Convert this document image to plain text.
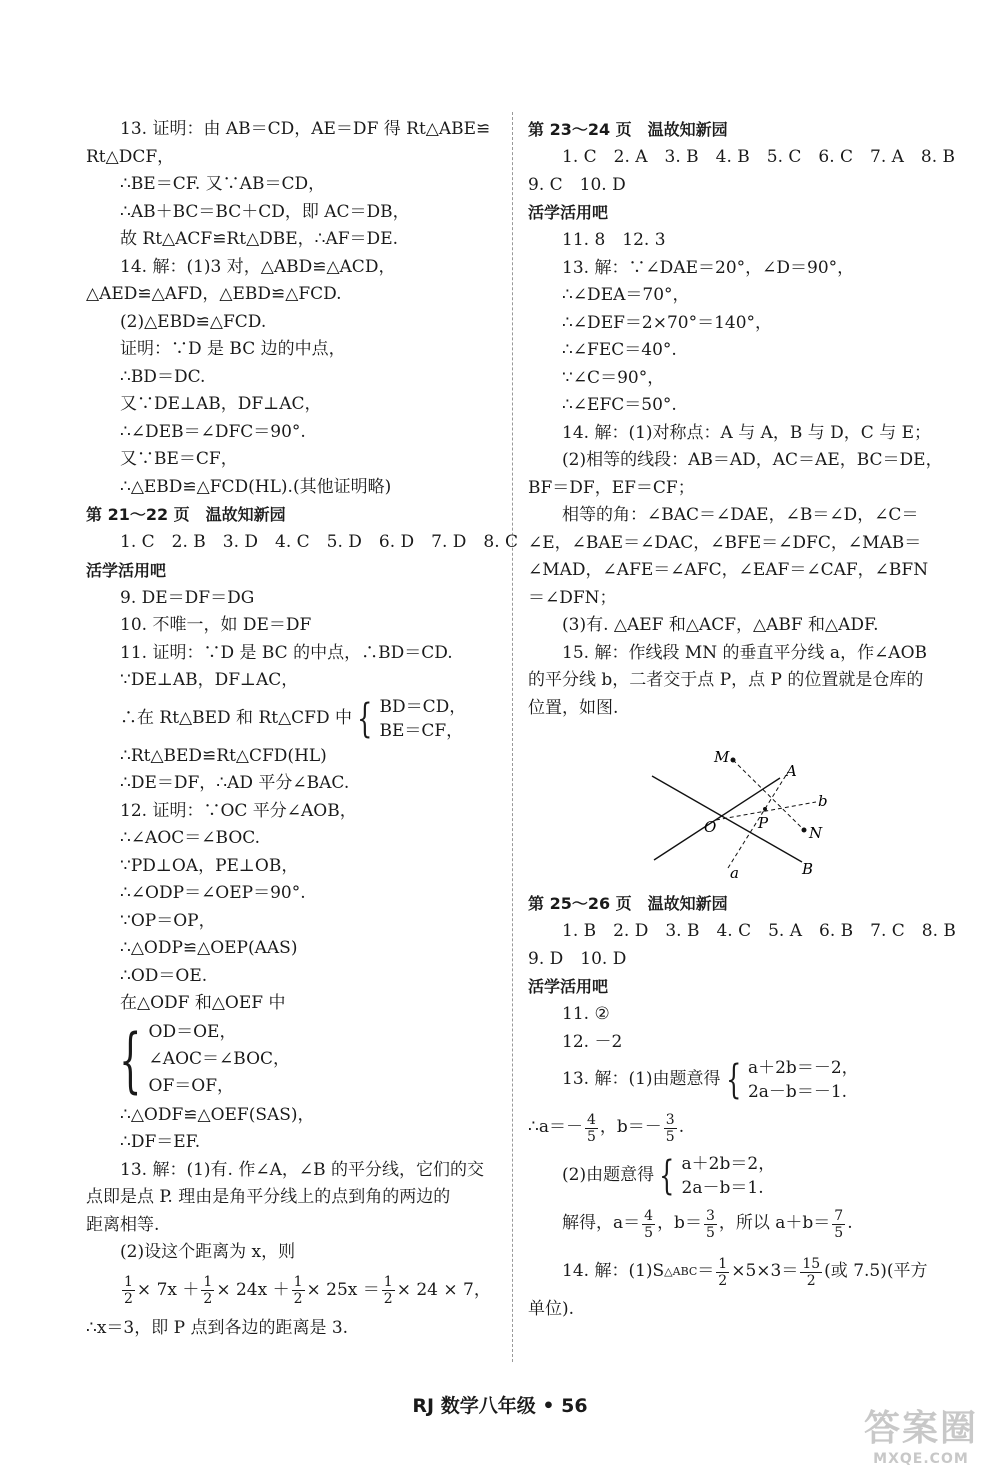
13. 证明：由 AB＝CD，AE＝DF 得 Rt△ABE≌
Rt△DCF，
∴BE＝CF. 又∵AB＝CD，
∴AB＋BC＝BC＋CD，即 AC＝DB，
故 Rt△ACF≌Rt△DBE，∴AF＝DE.
14. 解：(1)3 对，△ABD≌△ACD，
△AED≌△AFD，△EBD≌△FCD.
(2)△EBD≌△FCD.
证明：∵D 是 BC 边的中点，
∴BD＝DC.
又∵DE⊥AB，DF⊥AC，
∴∠DEB＝∠DFC＝90°.
又∵BE＝CF，
∴△EBD≌△FCD(HL).(其他证明略)
第 21～22 页　温故知新园
1. C　2. B　3. D　4. C　5. D　6. D　7. D　8. C
活学活用吧
9. DE＝DF＝DG
10. 不唯一，如 DE＝DF
11. 证明：∵D 是 BC 的中点，∴BD＝CD.
∵DE⊥AB，DF⊥AC，
∴在 Rt△BED 和 Rt△CFD 中 { BD＝CD，
BE＝CF，
∴Rt△BED≌Rt△CFD(HL)
∴DE＝DF，∴AD 平分∠BAC.
12. 证明：∵OC 平分∠AOB，
∴∠AOC＝∠BOC.
∵PD⊥OA，PE⊥OB，
∴∠ODP＝∠OEP＝90°.
∵OP＝OP，
∴△ODP≌△OEP(AAS)
∴OD＝OE.
在△ODF 和△OEF 中
{ OD＝OE，
∠AOC＝∠BOC，
OF＝OF，
∴△ODF≌△OEF(SAS)，
∴DF＝EF.
13. 解：(1)有. 作∠A，∠B 的平分线，它们的交
点即是点 P. 理由是角平分线上的点到角的两边的
距离相等.
(2)设这个距离为 x，则
$\frac{1}{2} \times 7x + \frac{1}{2} \times 24x + \frac{1}{2} \times 25x = \frac{1}{2} \times 24 \times 7$，
∴x＝3，即 P 点到各边的距离是 3.
第 23～24 页　温故知新园
1. C　2. A　3. B　4. B　5. C　6. C　7. A　8. B
9. C　10. D
活学活用吧
11. 8　12. 3
13. 解：∵∠DAE＝20°，∠D＝90°，
∴∠DEA＝70°，
∴∠DEF＝2×70°＝140°，
∴∠FEC＝40°.
∵∠C＝90°，
∴∠EFC＝50°.
14. 解：(1)对称点：A 与 A，B 与 D，C 与 E；
(2)相等的线段：AB＝AD，AC＝AE，BC＝DE，
BF＝DF，EF＝CF；
相等的角：∠BAC＝∠DAE，∠B＝∠D，∠C＝
∠E，∠BAE＝∠DAC，∠BFE＝∠DFC，∠MAB＝
∠MAD，∠AFE＝∠AFC，∠EAF＝∠CAF，∠BFN
＝∠DFN；
(3)有. △AEF 和△ACF，△ABF 和△ADF.
15. 解：作线段 MN 的垂直平分线 a，作∠AOB
的平分线 b，二者交于点 P，点 P 的位置就是仓库的
位置，如图.
M
A
b
O	P
N
B
a
第 25～26 页　温故知新园
1. B　2. D　3. B　4. C　5. A　6. B　7. C　8. B
9. D　10. D
活学活用吧
11. ②
12. －2
13. 解：(1)由题意得 { a＋2b＝－2，
2a－b＝－1.
∴a＝－ $\frac{4}{5}$ ，$b=- \frac{3}{5}$ .
(2)由题意得 { a＋2b＝2，
2a－b＝1.
解得，$a= \frac{4}{5}$ ，$b= \frac{3}{5}$ ，所以 $a+b= \frac{7}{5}$ .
14. 解：(1)S △ABC ＝ $\frac{1}{2} \times 5\times 3= \frac{15}{2}$ (或 7.5)(平方
单位).
RJ 数学八年级 • 56
答案圈
MXQE.COM
